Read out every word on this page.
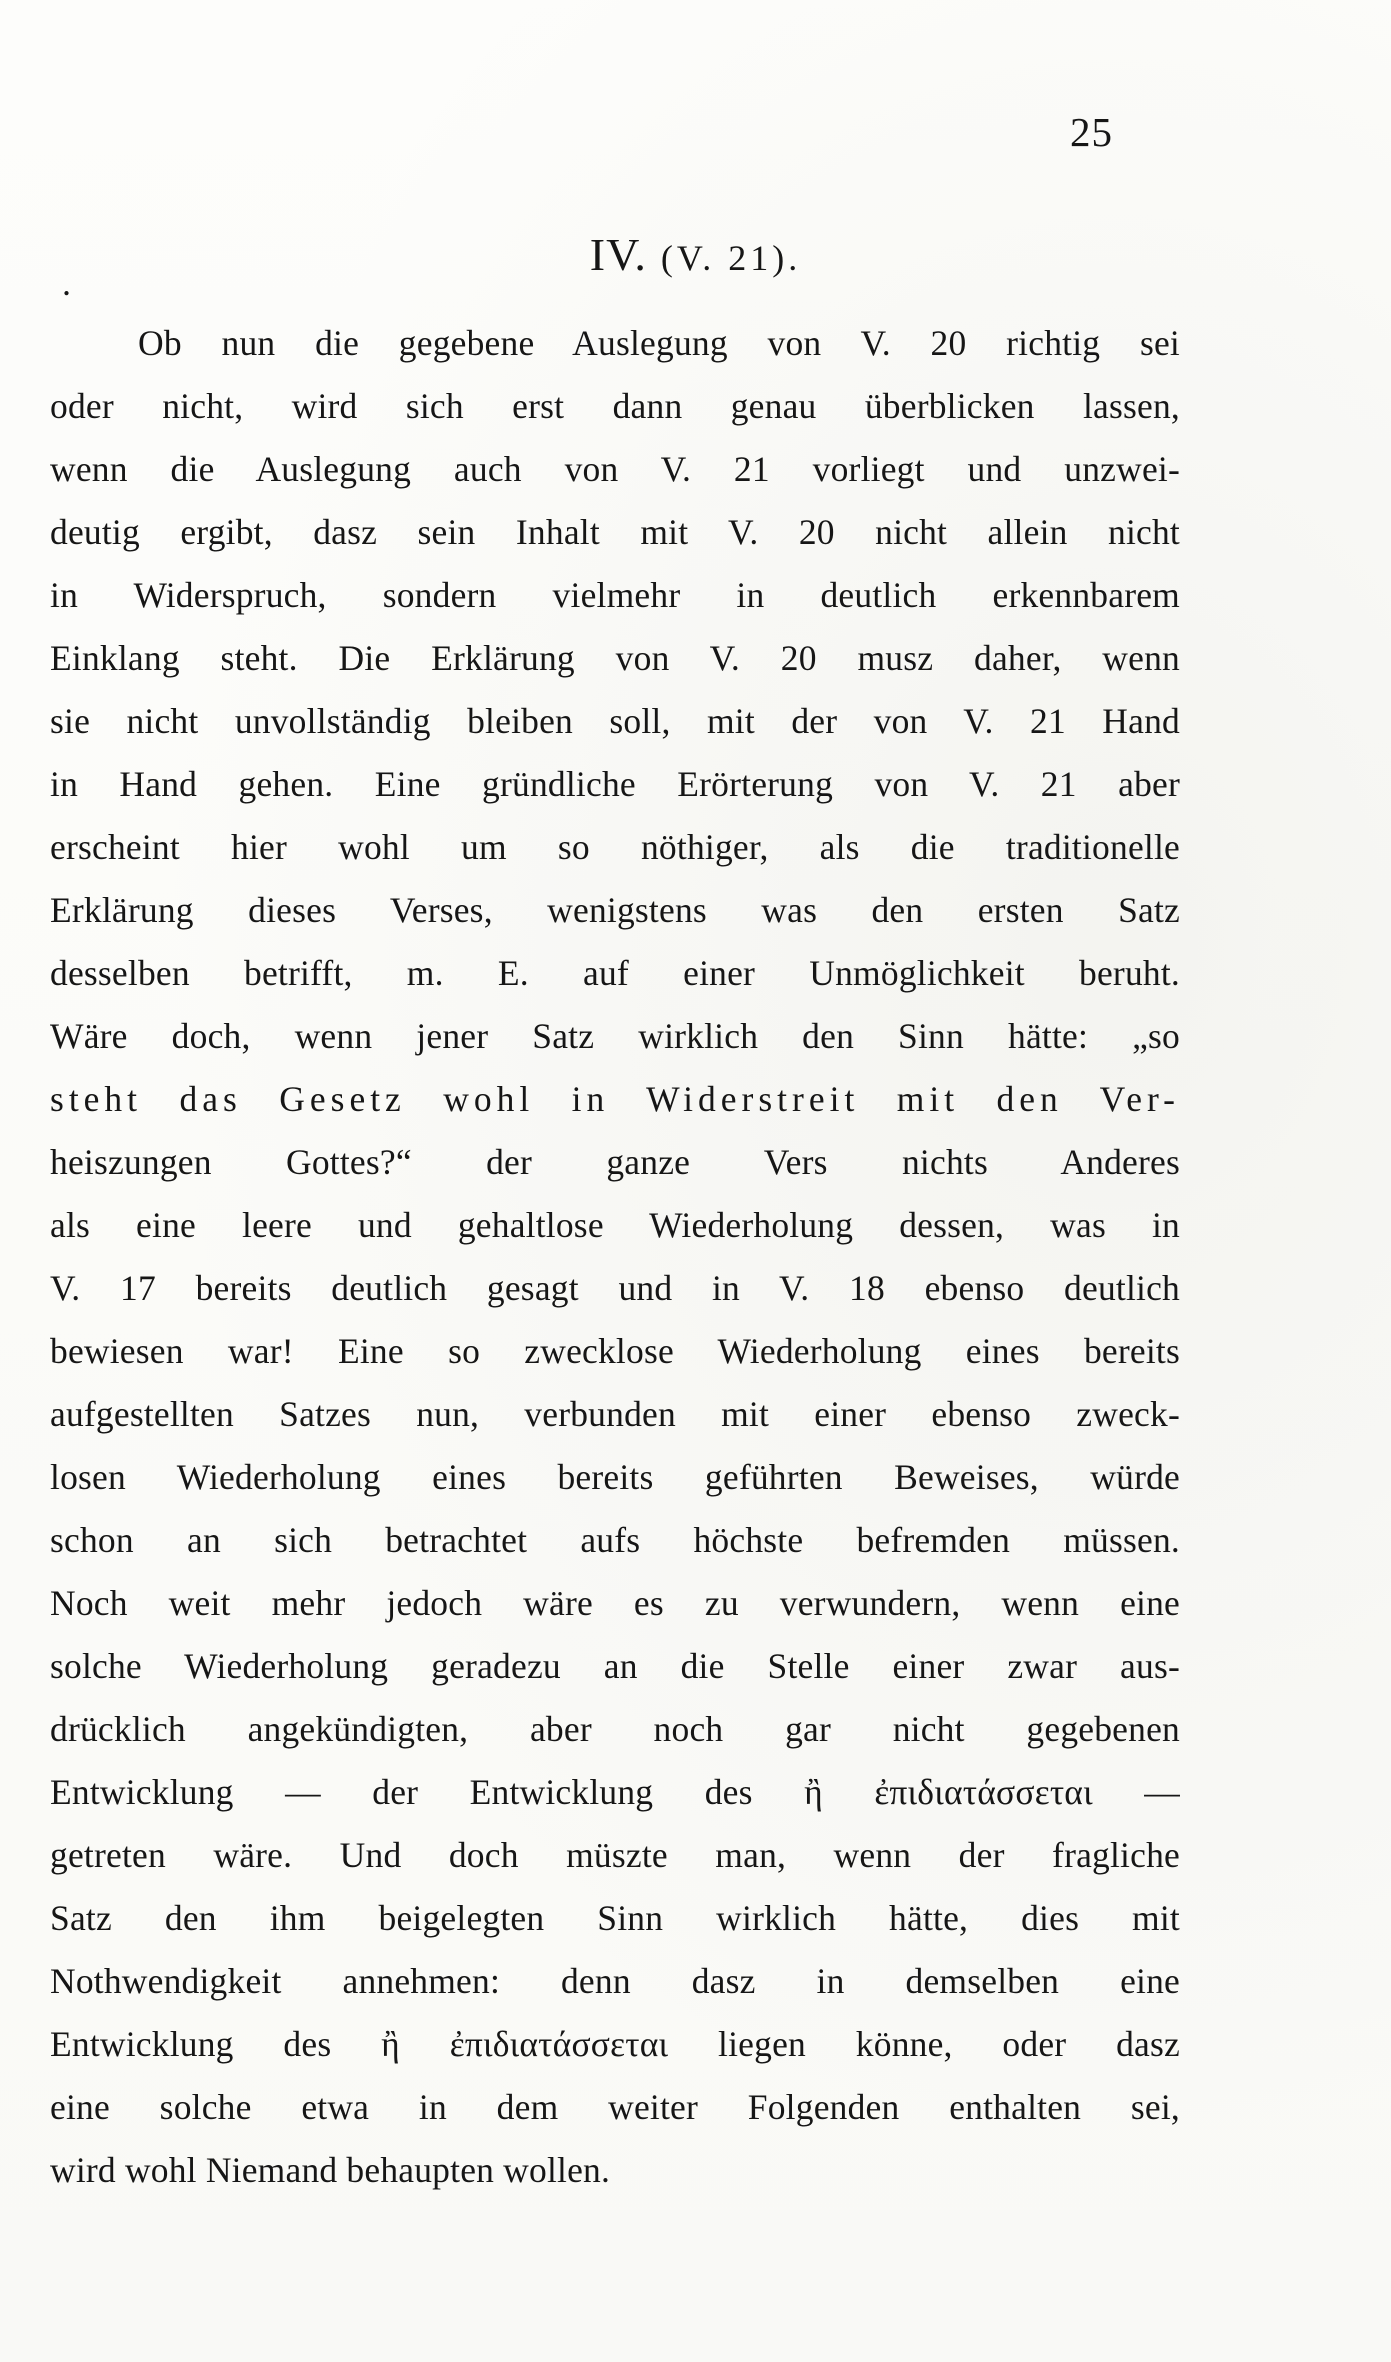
25
.
IV. (V. 21).
Ob nun die gegebene Auslegung von V. 20 richtig sei
oder nicht, wird sich erst dann genau überblicken lassen,
wenn die Auslegung auch von V. 21 vorliegt und unzwei-
deutig ergibt, dasz sein Inhalt mit V. 20 nicht allein nicht
in Widerspruch, sondern vielmehr in deutlich erkennbarem
Einklang steht. Die Erklärung von V. 20 musz daher, wenn
sie nicht unvollständig bleiben soll, mit der von V. 21 Hand
in Hand gehen. Eine gründliche Erörterung von V. 21 aber
erscheint hier wohl um so nöthiger, als die traditionelle
Erklärung dieses Verses, wenigstens was den ersten Satz
desselben betrifft, m. E. auf einer Unmöglichkeit beruht.
Wäre doch, wenn jener Satz wirklich den Sinn hätte: „so
steht das Gesetz wohl in Widerstreit mit den Ver-
heiszungen Gottes?“ der ganze Vers nichts Anderes
als eine leere und gehaltlose Wiederholung dessen, was in
V. 17 bereits deutlich gesagt und in V. 18 ebenso deutlich
bewiesen war! Eine so zwecklose Wiederholung eines bereits
aufgestellten Satzes nun, verbunden mit einer ebenso zweck-
losen Wiederholung eines bereits geführten Beweises, würde
schon an sich betrachtet aufs höchste befremden müssen.
Noch weit mehr jedoch wäre es zu verwundern, wenn eine
solche Wiederholung geradezu an die Stelle einer zwar aus-
drücklich angekündigten, aber noch gar nicht gegebenen
Entwicklung — der Entwicklung des ἢ ἐπιδιατάσσεται —
getreten wäre. Und doch müszte man, wenn der fragliche
Satz den ihm beigelegten Sinn wirklich hätte, dies mit
Nothwendigkeit annehmen: denn dasz in demselben eine
Entwicklung des ἢ ἐπιδιατάσσεται liegen könne, oder dasz
eine solche etwa in dem weiter Folgenden enthalten sei,
wird wohl Niemand behaupten wollen.
